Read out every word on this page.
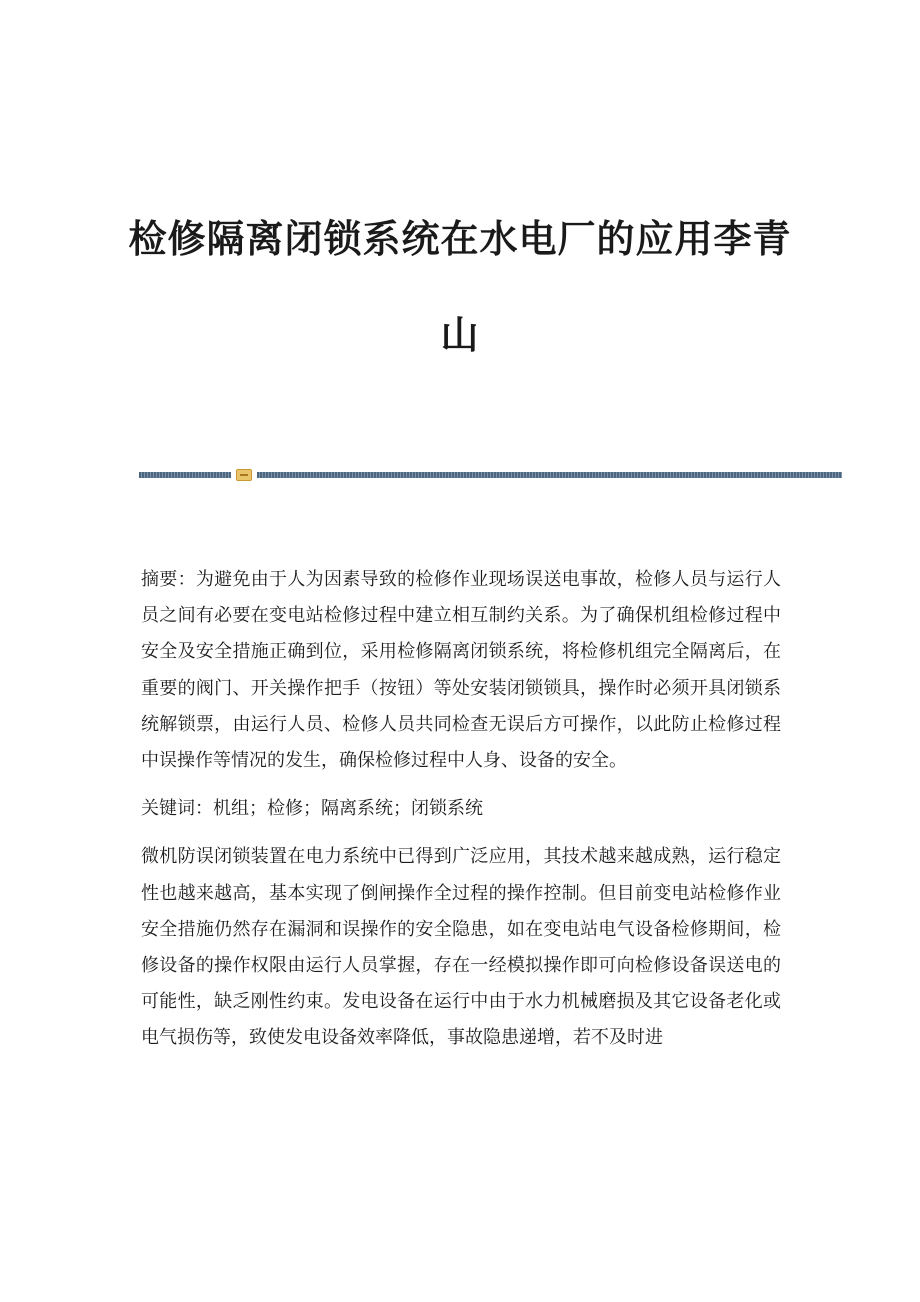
检修隔离闭锁系统在水电厂的应用李青山

摘要：为避免由于人为因素导致的检修作业现场误送电事故，检修人员与运行人员之间有必要在变电站检修过程中建立相互制约关系。为了确保机组检修过程中安全及安全措施正确到位，采用检修隔离闭锁系统，将检修机组完全隔离后，在重要的阀门、开关操作把手（按钮）等处安装闭锁锁具，操作时必须开具闭锁系统解锁票，由运行人员、检修人员共同检查无误后方可操作，以此防止检修过程中误操作等情况的发生，确保检修过程中人身、设备的安全。

关键词：机组；检修；隔离系统；闭锁系统

微机防误闭锁装置在电力系统中已得到广泛应用，其技术越来越成熟，运行稳定性也越来越高，基本实现了倒闸操作全过程的操作控制。但目前变电站检修作业安全措施仍然存在漏洞和误操作的安全隐患，如在变电站电气设备检修期间，检修设备的操作权限由运行人员掌握，存在一经模拟操作即可向检修设备误送电的可能性，缺乏刚性约束。发电设备在运行中由于水力机械磨损及其它设备老化或电气损伤等，致使发电设备效率降低，事故隐患递增，若不及时进
